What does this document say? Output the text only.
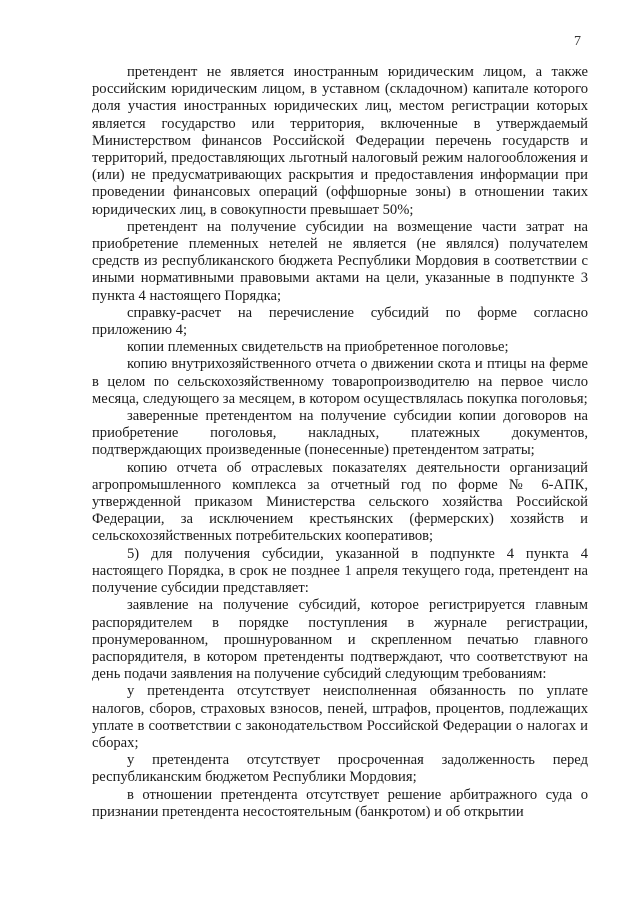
7

претендент не является иностранным юридическим лицом, а также российским юридическим лицом, в уставном (складочном) капитале которого доля участия иностранных юридических лиц, местом регистрации которых является государство или территория, включенные в утверждаемый Министерством финансов Российской Федерации перечень государств и территорий, предоставляющих льготный налоговый режим налогообложения и (или) не предусматривающих раскрытия и предоставления информации при проведении финансовых операций (оффшорные зоны) в отношении таких юридических лиц, в совокупности превышает 50%;

претендент на получение субсидии на возмещение части затрат на приобретение племенных нетелей не является (не являлся) получателем средств из республиканского бюджета Республики Мордовия в соответствии с иными нормативными правовыми актами на цели, указанные в подпункте 3 пункта 4 настоящего Порядка;

справку-расчет на перечисление субсидий по форме согласно приложению 4;

копии племенных свидетельств на приобретенное поголовье;

копию внутрихозяйственного отчета о движении скота и птицы на ферме в целом по сельскохозяйственному товаропроизводителю на первое число месяца, следующего за месяцем, в котором осуществлялась покупка поголовья;

заверенные претендентом на получение субсидии копии договоров на приобретение поголовья, накладных, платежных документов, подтверждающих произведенные (понесенные) претендентом затраты;

копию отчета об отраслевых показателях деятельности организаций агропромышленного комплекса за отчетный год по форме № 6-АПК, утвержденной приказом Министерства сельского хозяйства Российской Федерации, за исключением крестьянских (фермерских) хозяйств и сельскохозяйственных потребительских кооперативов;

5) для получения субсидии, указанной в подпункте 4 пункта 4 настоящего Порядка, в срок не позднее 1 апреля текущего года, претендент на получение субсидии представляет:

заявление на получение субсидий, которое регистрируется главным распорядителем в порядке поступления в журнале регистрации, пронумерованном, прошнурованном и скрепленном печатью главного распорядителя, в котором претенденты подтверждают, что соответствуют на день подачи заявления на получение субсидий следующим требованиям:

у претендента отсутствует неисполненная обязанность по уплате налогов, сборов, страховых взносов, пеней, штрафов, процентов, подлежащих уплате в соответствии с законодательством Российской Федерации о налогах и сборах;

у претендента отсутствует просроченная задолженность перед республиканским бюджетом Республики Мордовия;

в отношении претендента отсутствует решение арбитражного суда о признании претендента несостоятельным (банкротом) и об открытии
